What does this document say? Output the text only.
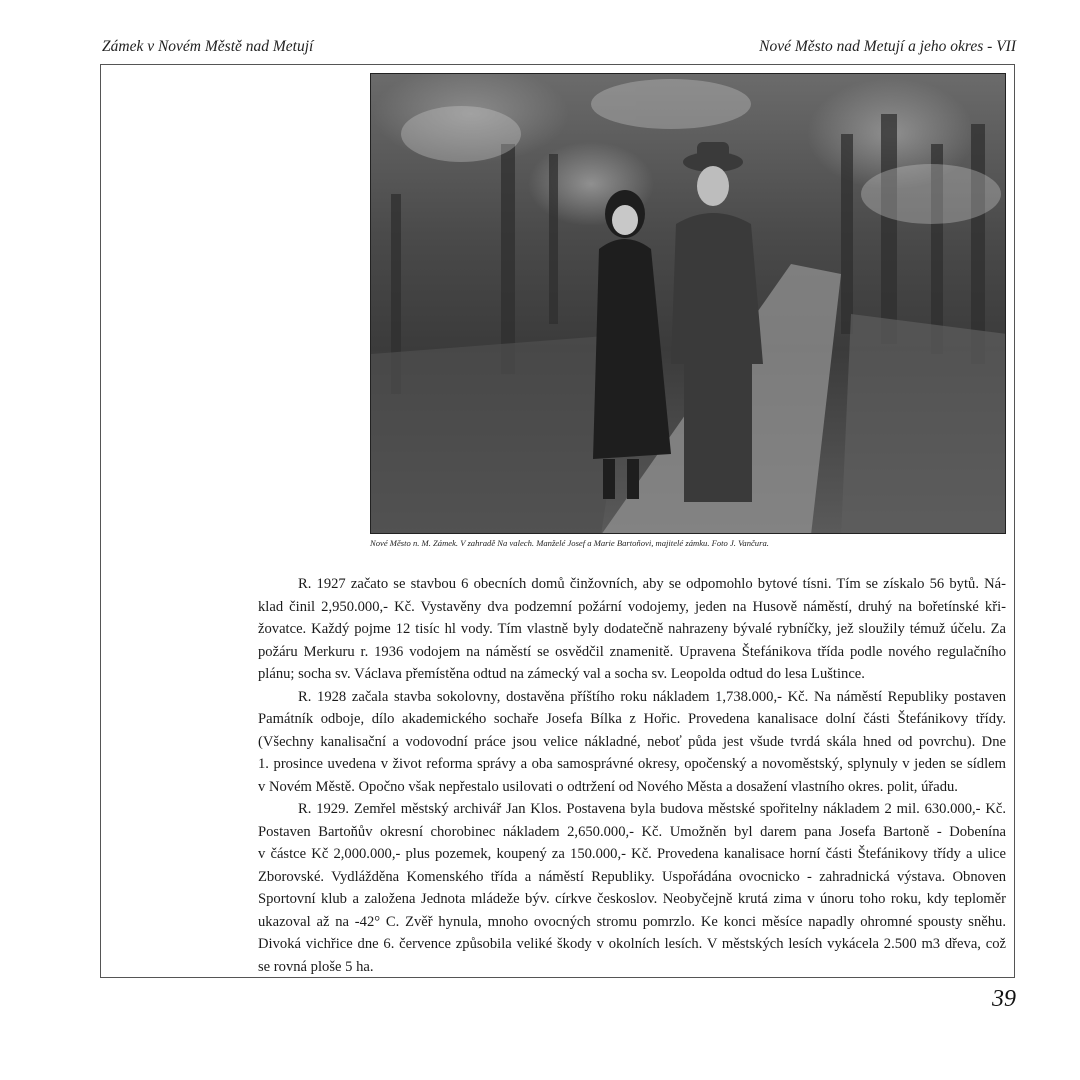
Zámek v Novém Městě nad Metují	Nové Město nad Metují a jeho okres - VII
Nové Město n. M. Zámek. V zahradě Na valech. Manželé Josef a Marie Bartoňovi, majitelé zámku. Foto J. Vančura.
R. 1927 začato se stavbou 6 obecních domů činžovních, aby se odpomohlo bytové tísni. Tím se získalo 56 bytů. Ná-
klad činil 2,950.000,- Kč. Vystavěny dva podzemní požární vodojemy, jeden na Husově náměstí, druhý na bořetínské kři-
žovatce. Každý pojme 12 tisíc hl vody. Tím vlastně byly dodatečně nahrazeny bývalé rybníčky, jež sloužily témuž účelu. Za
požáru Merkuru r. 1936 vodojem na náměstí se osvědčil znamenitě. Upravena Štefánikova třída podle nového regulačního
plánu; socha sv. Václava přemístěna odtud na zámecký val a socha sv. Leopolda odtud do lesa Luštince.
R. 1928 začala stavba sokolovny, dostavěna příštího roku nákladem 1,738.000,- Kč. Na náměstí Republiky postaven
Památník odboje, dílo akademického sochaře Josefa Bílka z Hořic. Provedena kanalisace dolní části Štefánikovy třídy.
(Všechny kanalisační a vodovodní práce jsou velice nákladné, neboť půda jest všude tvrdá skála hned od povrchu). Dne
1. prosince uvedena v život reforma správy a oba samosprávné okresy, opočenský a novoměstský, splynuly v jeden se sídlem
v Novém Městě. Opočno však nepřestalo usilovati o odtržení od Nového Města a dosažení vlastního okres. polit, úřadu.
R. 1929. Zemřel městský archivář Jan Klos. Postavena byla budova městské spořitelny nákladem 2 mil. 630.000,- Kč.
Postaven Bartoňův okresní chorobinec nákladem 2,650.000,- Kč. Umožněn byl darem pana Josefa Bartoně - Dobenína
v částce Kč 2,000.000,- plus pozemek, koupený za 150.000,- Kč. Provedena kanalisace horní části Štefánikovy třídy a ulice
Zborovské. Vydlážděna Komenského třída a náměstí Republiky. Uspořádána ovocnicko - zahradnická výstava. Obnoven
Sportovní klub a založena Jednota mládeže býv. církve českoslov. Neobyčejně krutá zima v únoru toho roku, kdy teploměr
ukazoval až na -42° C. Zvěř hynula, mnoho ovocných stromu pomrzlo. Ke konci měsíce napadly ohromné spousty sněhu.
Divoká vichřice dne 6. července způsobila veliké škody v okolních lesích. V městských lesích vykácela 2.500 m3 dřeva, což
se rovná ploše 5 ha.
39
